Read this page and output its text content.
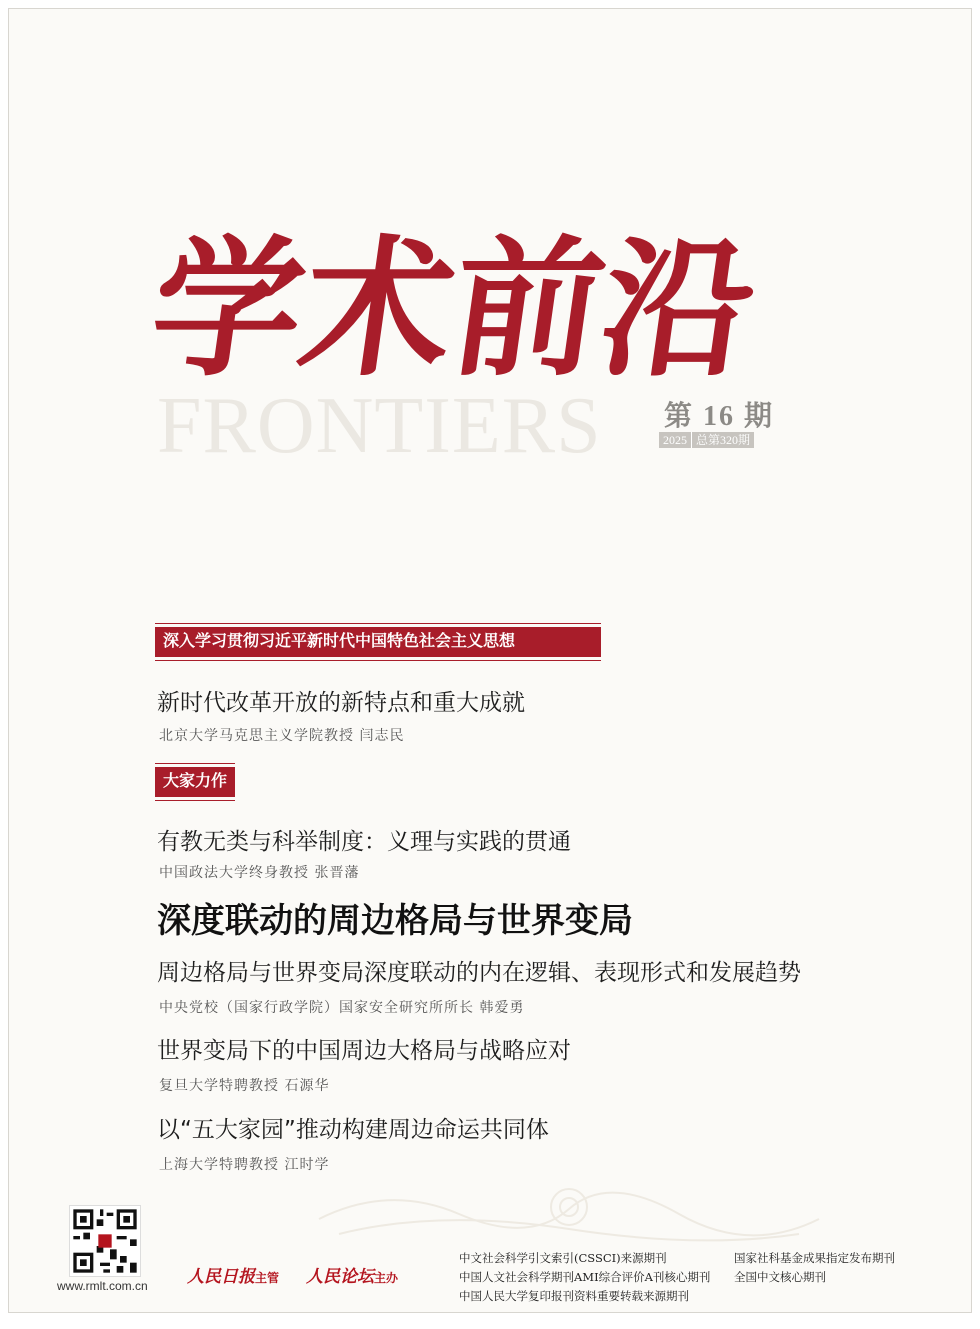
学
术
前
沿
FRONTIERS 第 16 期
2025 总第320期
深入学习贯彻习近平新时代中国特色社会主义思想
新时代改革开放的新特点和重大成就
北京大学马克思主义学院教授 闫志民
大家力作
有教无类与科举制度：义理与实践的贯通
中国政法大学终身教授 张晋藩
深度联动的周边格局与世界变局
周边格局与世界变局深度联动的内在逻辑、表现形式和发展趋势
中央党校（国家行政学院）国家安全研究所所长 韩爱勇
世界变局下的中国周边大格局与战略应对
复旦大学特聘教授 石源华
以“五大家园”推动构建周边命运共同体
上海大学特聘教授 江时学
www.rmlt.com.cn 人民日报主管 人民论坛主办
中文社会科学引文索引(CSSCI)来源期刊	国家社科基金成果指定发布期刊
中国人文社会科学期刊AMI综合评价A刊核心期刊	全国中文核心期刊
中国人民大学复印报刊资料重要转载来源期刊
